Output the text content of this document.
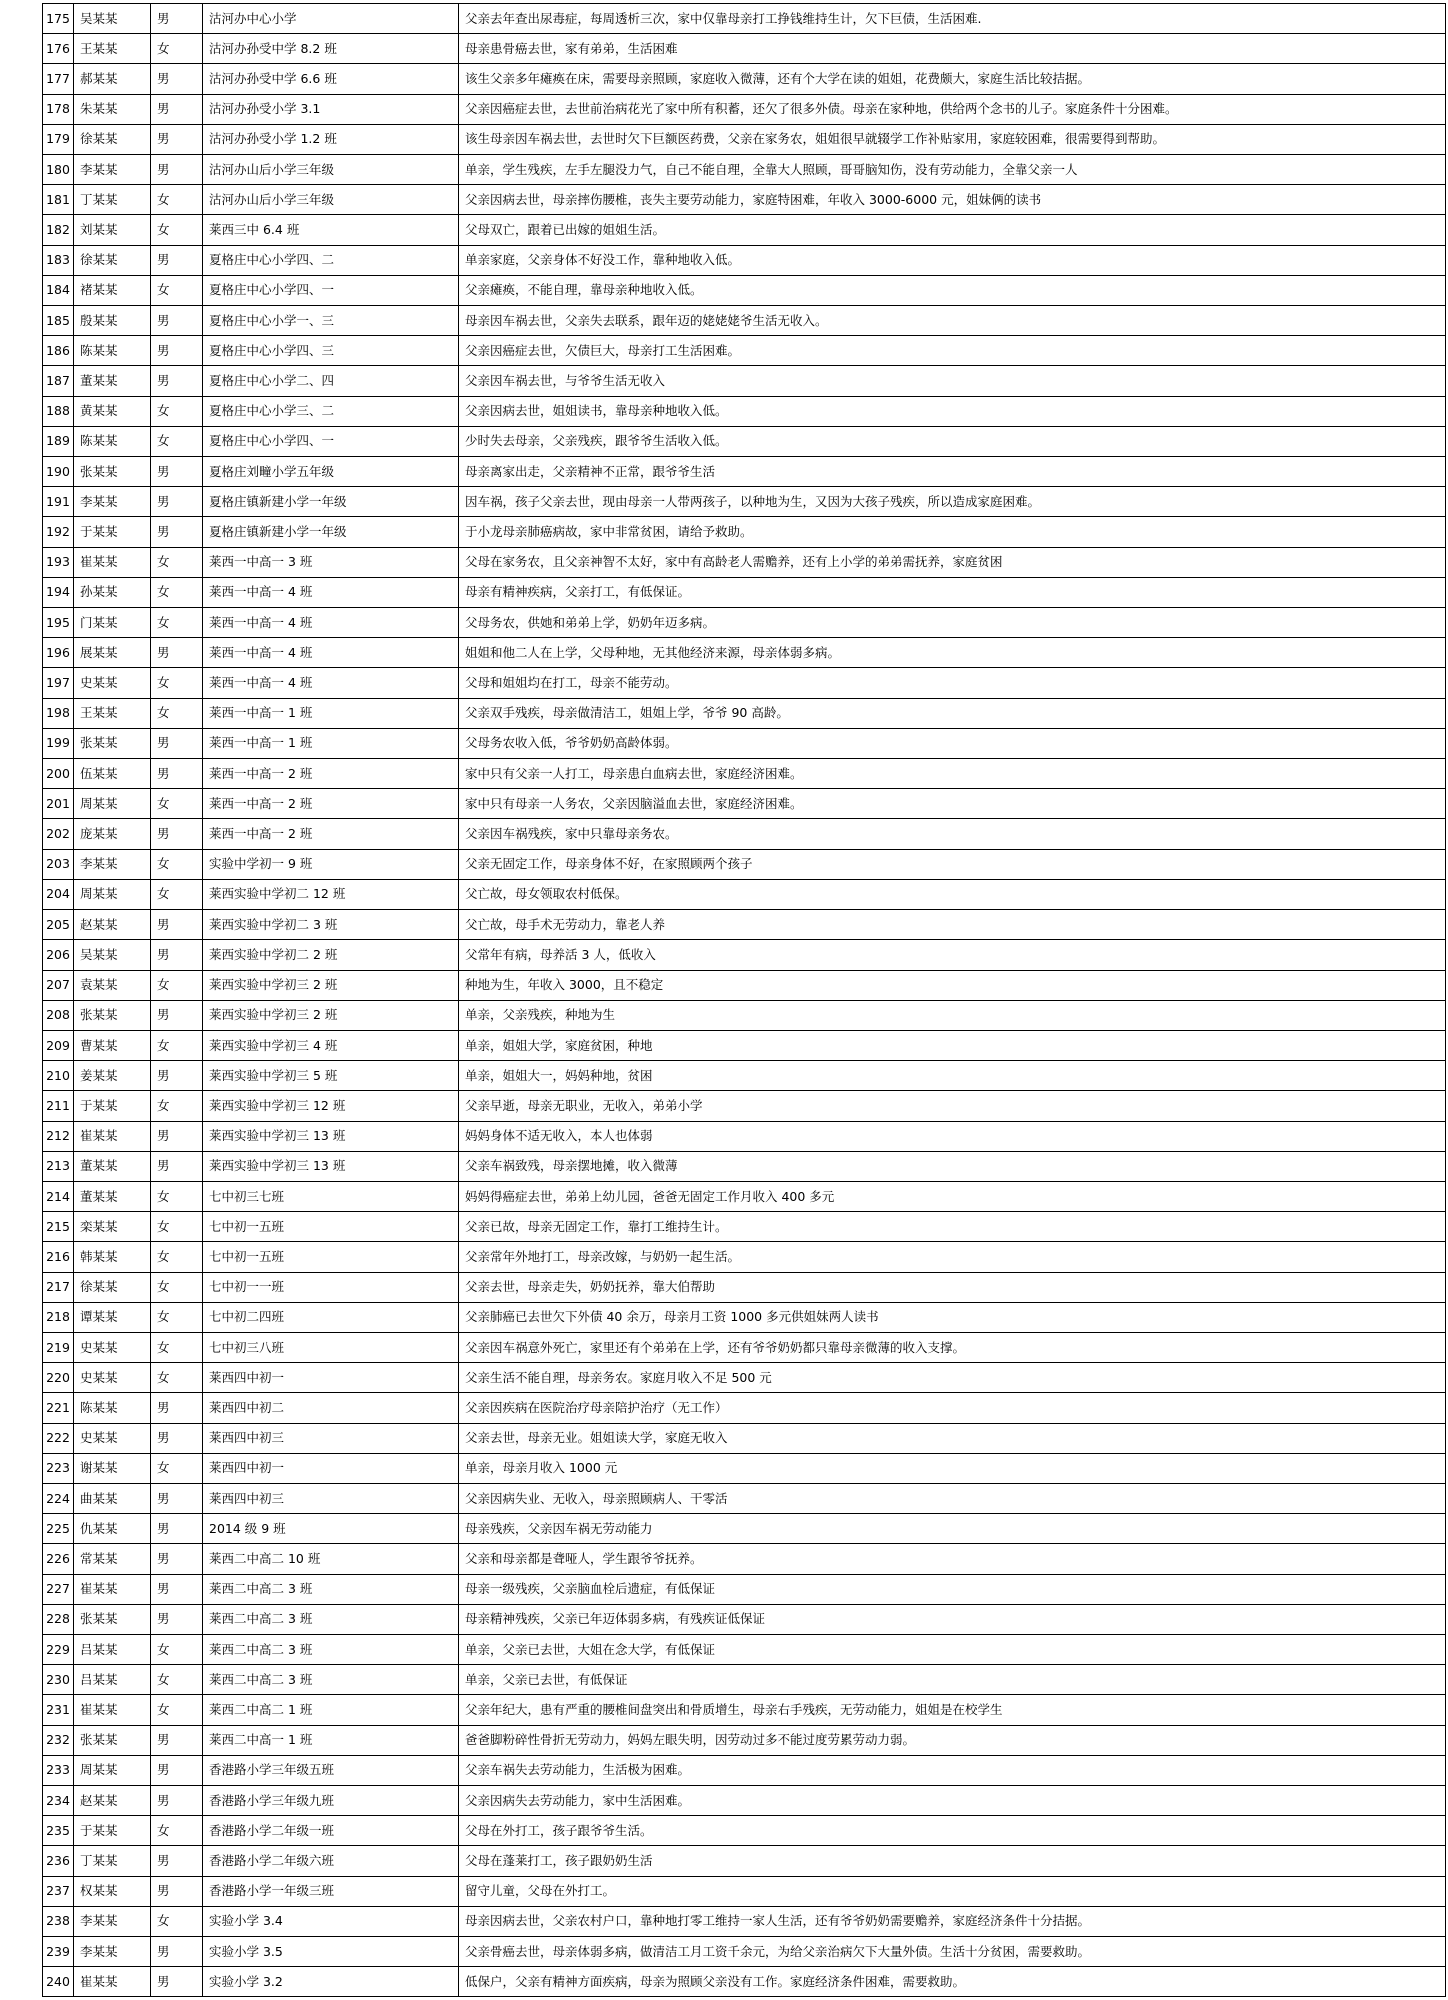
175	吴某某	男	沽河办中心小学	父亲去年查出尿毒症，每周透析三次，家中仅靠母亲打工挣钱维持生计，欠下巨债，生活困难.
176	王某某	女	沽河办孙受中学 8.2 班	母亲患骨癌去世，家有弟弟，生活困难
177	郝某某	男	沽河办孙受中学 6.6 班	该生父亲多年瘫痪在床，需要母亲照顾，家庭收入微薄，还有个大学在读的姐姐，花费颇大，家庭生活比较拮据。
178	朱某某	男	沽河办孙受小学 3.1	父亲因癌症去世，去世前治病花光了家中所有积蓄，还欠了很多外债。母亲在家种地，供给两个念书的儿子。家庭条件十分困难。
179	徐某某	男	沽河办孙受小学 1.2 班	该生母亲因车祸去世，去世时欠下巨额医药费，父亲在家务农，姐姐很早就辍学工作补贴家用，家庭较困难，很需要得到帮助。
180	李某某	男	沽河办山后小学三年级	单亲，学生残疾，左手左腿没力气，自己不能自理，全靠大人照顾，哥哥脑知伤，没有劳动能力，全靠父亲一人
181	丁某某	女	沽河办山后小学三年级	父亲因病去世，母亲摔伤腰椎，丧失主要劳动能力，家庭特困难，年收入 3000-6000 元，姐妹俩的读书
182	刘某某	女	莱西三中 6.4 班	父母双亡，跟着已出嫁的姐姐生活。
183	徐某某	男	夏格庄中心小学四、二	单亲家庭，父亲身体不好没工作，靠种地收入低。
184	褚某某	女	夏格庄中心小学四、一	父亲瘫痪，不能自理，靠母亲种地收入低。
185	殷某某	男	夏格庄中心小学一、三	母亲因车祸去世，父亲失去联系，跟年迈的姥姥姥爷生活无收入。
186	陈某某	男	夏格庄中心小学四、三	父亲因癌症去世，欠债巨大，母亲打工生活困难。
187	董某某	男	夏格庄中心小学二、四	父亲因车祸去世，与爷爷生活无收入
188	黄某某	女	夏格庄中心小学三、二	父亲因病去世，姐姐读书，靠母亲种地收入低。
189	陈某某	女	夏格庄中心小学四、一	少时失去母亲，父亲残疾，跟爷爷生活收入低。
190	张某某	男	夏格庄刘疃小学五年级	母亲离家出走，父亲精神不正常，跟爷爷生活
191	李某某	男	夏格庄镇新建小学一年级	因车祸，孩子父亲去世，现由母亲一人带两孩子，以种地为生，又因为大孩子残疾，所以造成家庭困难。
192	于某某	男	夏格庄镇新建小学一年级	于小龙母亲肺癌病故，家中非常贫困，请给予救助。
193	崔某某	女	莱西一中高一 3 班	父母在家务农，且父亲神智不太好，家中有高龄老人需赡养，还有上小学的弟弟需抚养，家庭贫困
194	孙某某	女	莱西一中高一 4 班	母亲有精神疾病，父亲打工，有低保证。
195	门某某	女	莱西一中高一 4 班	父母务农，供她和弟弟上学，奶奶年迈多病。
196	展某某	男	莱西一中高一 4 班	姐姐和他二人在上学，父母种地，无其他经济来源，母亲体弱多病。
197	史某某	女	莱西一中高一 4 班	父母和姐姐均在打工，母亲不能劳动。
198	王某某	女	莱西一中高一 1 班	父亲双手残疾，母亲做清洁工，姐姐上学，爷爷 90 高龄。
199	张某某	男	莱西一中高一 1 班	父母务农收入低，爷爷奶奶高龄体弱。
200	伍某某	男	莱西一中高一 2 班	家中只有父亲一人打工，母亲患白血病去世，家庭经济困难。
201	周某某	女	莱西一中高一 2 班	家中只有母亲一人务农，父亲因脑溢血去世，家庭经济困难。
202	庞某某	男	莱西一中高一 2 班	父亲因车祸残疾，家中只靠母亲务农。
203	李某某	女	实验中学初一 9 班	父亲无固定工作，母亲身体不好，在家照顾两个孩子
204	周某某	女	莱西实验中学初二 12 班	父亡故，母女领取农村低保。
205	赵某某	男	莱西实验中学初二 3 班	父亡故，母手术无劳动力，靠老人养
206	吴某某	男	莱西实验中学初二 2 班	父常年有病，母养活 3 人，低收入
207	袁某某	女	莱西实验中学初三 2 班	种地为生，年收入 3000，且不稳定
208	张某某	男	莱西实验中学初三 2 班	单亲，父亲残疾，种地为生
209	曹某某	女	莱西实验中学初三 4 班	单亲，姐姐大学，家庭贫困，种地
210	姜某某	男	莱西实验中学初三 5 班	单亲，姐姐大一，妈妈种地，贫困
211	于某某	女	莱西实验中学初三 12 班	父亲早逝，母亲无职业，无收入，弟弟小学
212	崔某某	男	莱西实验中学初三 13 班	妈妈身体不适无收入，本人也体弱
213	董某某	男	莱西实验中学初三 13 班	父亲车祸致残，母亲摆地摊，收入微薄
214	董某某	女	七中初三七班	妈妈得癌症去世，弟弟上幼儿园，爸爸无固定工作月收入 400 多元
215	栾某某	女	七中初一五班	父亲已故，母亲无固定工作，靠打工维持生计。
216	韩某某	女	七中初一五班	父亲常年外地打工，母亲改嫁，与奶奶一起生活。
217	徐某某	女	七中初一一班	父亲去世，母亲走失，奶奶抚养，靠大伯帮助
218	谭某某	女	七中初二四班	父亲肺癌已去世欠下外债 40 余万，母亲月工资 1000 多元供姐妹两人读书
219	史某某	女	七中初三八班	父亲因车祸意外死亡，家里还有个弟弟在上学，还有爷爷奶奶都只靠母亲微薄的收入支撑。
220	史某某	女	莱西四中初一	父亲生活不能自理，母亲务农。家庭月收入不足 500 元
221	陈某某	男	莱西四中初二	父亲因疾病在医院治疗母亲陪护治疗（无工作）
222	史某某	男	莱西四中初三	父亲去世，母亲无业。姐姐读大学，家庭无收入
223	谢某某	女	莱西四中初一	单亲，母亲月收入 1000 元
224	曲某某	男	莱西四中初三	父亲因病失业、无收入，母亲照顾病人、干零活
225	仇某某	男	2014 级 9 班	母亲残疾，父亲因车祸无劳动能力
226	常某某	男	莱西二中高二 10 班	父亲和母亲都是聋哑人，学生跟爷爷抚养。
227	崔某某	男	莱西二中高二 3 班	母亲一级残疾，父亲脑血栓后遗症，有低保证
228	张某某	男	莱西二中高二 3 班	母亲精神残疾，父亲已年迈体弱多病，有残疾证低保证
229	吕某某	女	莱西二中高二 3 班	单亲，父亲已去世，大姐在念大学，有低保证
230	吕某某	女	莱西二中高二 3 班	单亲，父亲已去世，有低保证
231	崔某某	女	莱西二中高二 1 班	父亲年纪大，患有严重的腰椎间盘突出和骨质增生，母亲右手残疾，无劳动能力，姐姐是在校学生
232	张某某	男	莱西二中高一 1 班	爸爸脚粉碎性骨折无劳动力，妈妈左眼失明，因劳动过多不能过度劳累劳动力弱。
233	周某某	男	香港路小学三年级五班	父亲车祸失去劳动能力，生活极为困难。
234	赵某某	男	香港路小学三年级九班	父亲因病失去劳动能力，家中生活困难。
235	于某某	女	香港路小学二年级一班	父母在外打工，孩子跟爷爷生活。
236	丁某某	男	香港路小学二年级六班	父母在蓬莱打工，孩子跟奶奶生活
237	权某某	男	香港路小学一年级三班	留守儿童，父母在外打工。
238	李某某	女	实验小学 3.4	母亲因病去世，父亲农村户口，靠种地打零工维持一家人生活，还有爷爷奶奶需要赡养，家庭经济条件十分拮据。
239	李某某	男	实验小学 3.5	父亲骨癌去世，母亲体弱多病，做清洁工月工资千余元，为给父亲治病欠下大量外债。生活十分贫困，需要救助。
240	崔某某	男	实验小学 3.2	低保户，父亲有精神方面疾病，母亲为照顾父亲没有工作。家庭经济条件困难，需要救助。
